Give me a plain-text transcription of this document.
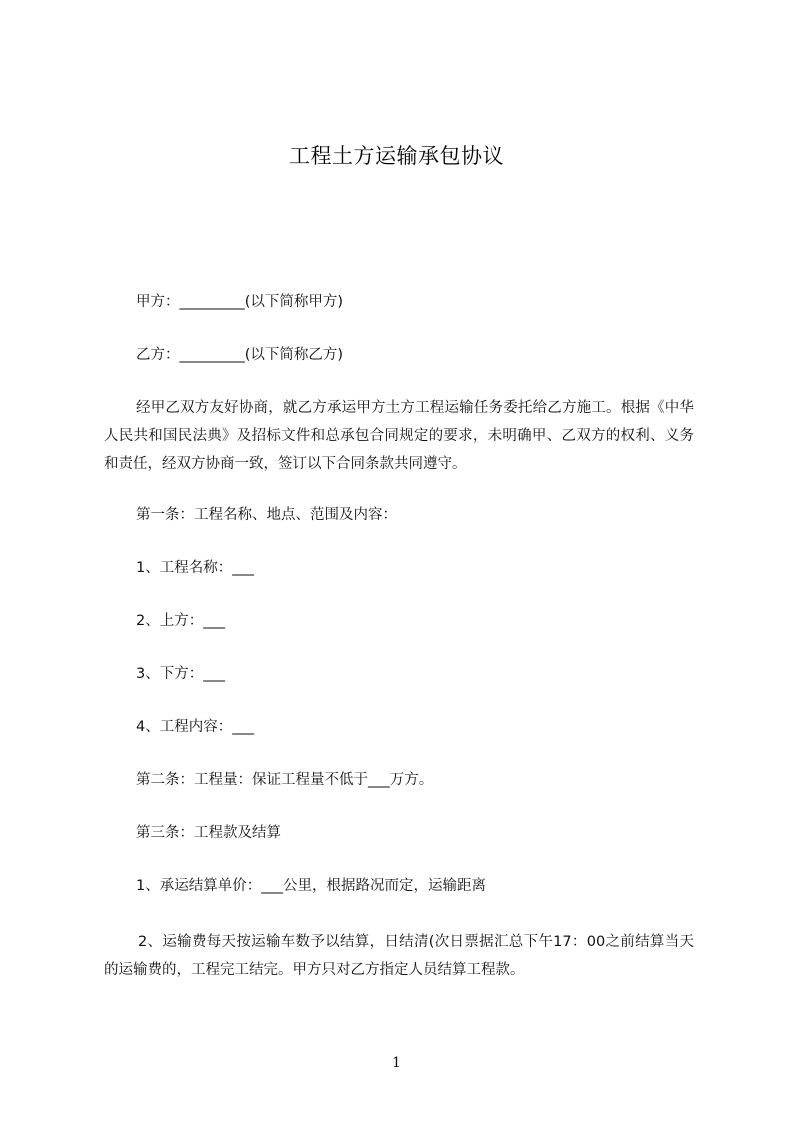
工程土方运输承包协议
甲方：_________(以下简称甲方)
乙方：_________(以下简称乙方)
经甲乙双方友好协商，就乙方承运甲方土方工程运输任务委托给乙方施工。根据《中华人民共和国民法典》及招标文件和总承包合同规定的要求，未明确甲、乙双方的权利、义务和责任，经双方协商一致，签订以下合同条款共同遵守。
第一条：工程名称、地点、范围及内容：
1、工程名称：___
2、上方：___
3、下方：___
4、工程内容：___
第二条：工程量：保证工程量不低于___万方。
第三条：工程款及结算
1、承运结算单价：___公里，根据路况而定，运输距离
2、运输费每天按运输车数予以结算，日结清(次日票据汇总下午17：00之前结算当天的运输费的，工程完工结完。甲方只对乙方指定人员结算工程款。
1
